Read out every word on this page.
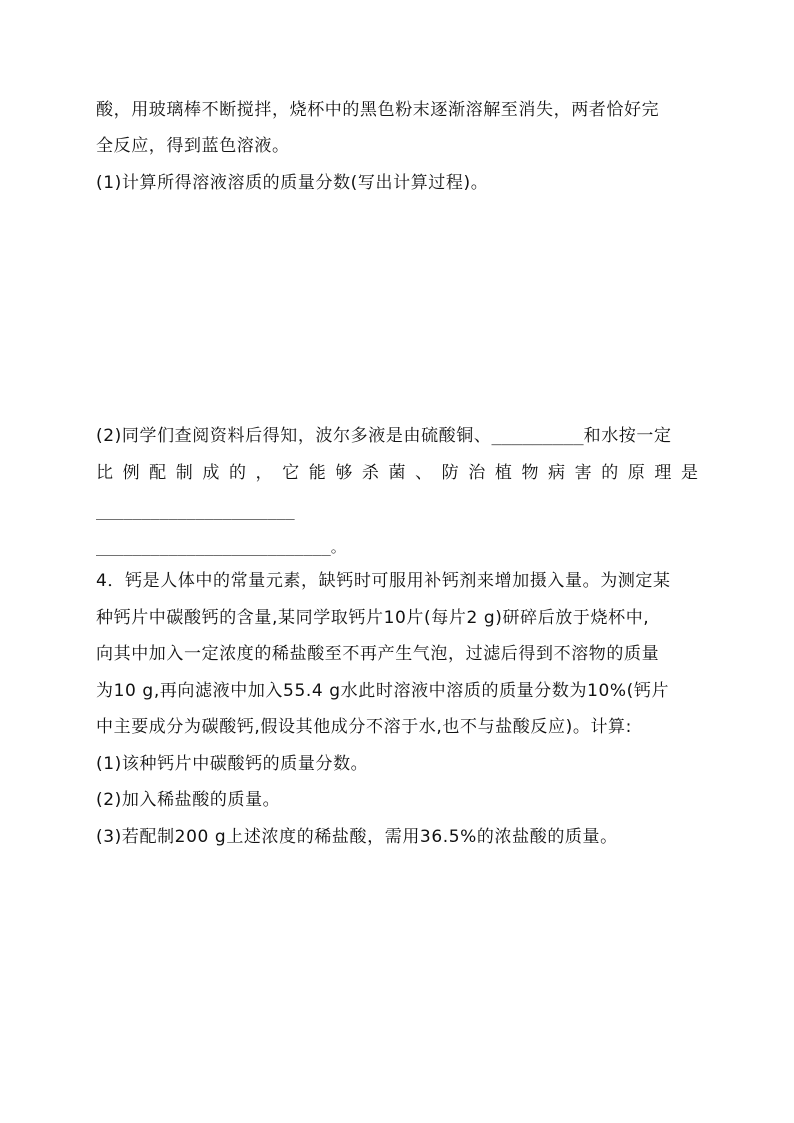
酸，用玻璃棒不断搅拌，烧杯中的黑色粉末逐渐溶解至消失，两者恰好完
全反应，得到蓝色溶液。
(1)计算所得溶液溶质的质量分数(写出计算过程)。
(2)同学们查阅资料后得知，波尔多液是由硫酸铜、_________和水按一定
比例配制成的，它能够杀菌、防治植物病害的原理是
______________________
__________________________。
4．钙是人体中的常量元素，缺钙时可服用补钙剂来增加摄入量。为测定某
种钙片中碳酸钙的含量,某同学取钙片10片(每片2 g)研碎后放于烧杯中,
向其中加入一定浓度的稀盐酸至不再产生气泡，过滤后得到不溶物的质量
为10 g,再向滤液中加入55.4 g水此时溶液中溶质的质量分数为10%(钙片
中主要成分为碳酸钙,假设其他成分不溶于水,也不与盐酸反应)。计算:
(1)该种钙片中碳酸钙的质量分数。
(2)加入稀盐酸的质量。
(3)若配制200 g上述浓度的稀盐酸，需用36.5%的浓盐酸的质量。
